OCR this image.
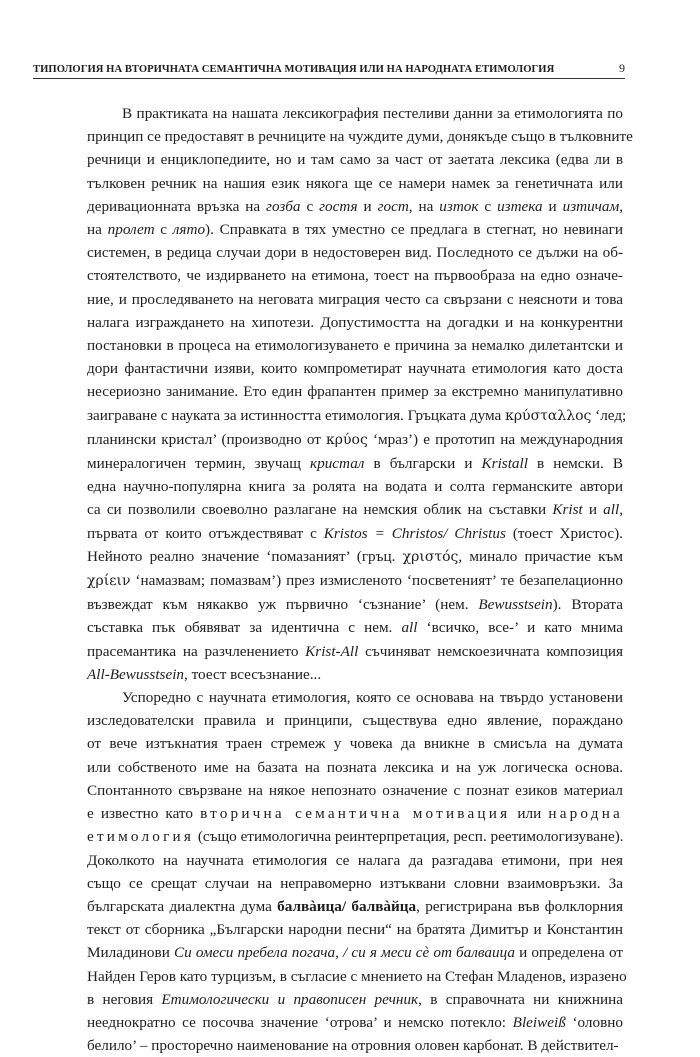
ТИПОЛОГИЯ НА ВТОРИЧНАТА СЕМАНТИЧНА МОТИВАЦИЯ ИЛИ НА НАРОДНАТА ЕТИМОЛОГИЯ	9
В практиката на нашата лексикография пестеливи данни за етимологията по
принцип се предоставят в речниците на чуждите думи, донякъде също в тълковните
речници и енциклопедиите, но и там само за част от заетата лексика (едва ли в
тълковен речник на нашия език някога ще се намери намек за генетичната или
деривационната връзка на гозба с гостя и гост, на изток с изтека и изтичам,
на пролет с лято). Справката в тях уместно се предлага в стегнат, но невинаги
системен, в редица случаи дори в недостоверен вид. Последното се дължи на об-
стоятелството, че издирването на етимона, тоест на първообраза на едно означе-
ние, и проследяването на неговата миграция често са свързани с неясноти и това
налага изграждането на хипотези. Допустимостта на догадки и на конкурентни
постановки в процеса на етимологизуването е причина за немалко дилетантски и
дори фантастични изяви, които компрометират научната етимология като доста
несериозно занимание. Ето един фрапантен пример за екстремно манипулативно
заиграване с науката за истинността етимология. Гръцката дума κρύσταλλος ‘лед;
планински кристал’ (производно от κρύος ‘мраз’) е прототип на международния
минералогичен термин, звучащ кристал в български и Kristall в немски. В
една научно-популярна книга за ролята на водата и солта германските автори
са си позволили своеволно разлагане на немския облик на съставки Krist и all,
първата от които отъждествяват с Kristos = Christos/ Christus (тоест Христос).
Нейното реално значение ‘помазаният’ (гръц. χριστός, минало причастие към
χρίειν ‘намазвам; помазвам’) през измисленото ‘посветеният’ те безапелационно
възвеждат към някакво уж първично ‘съзнание’ (нем. Bewusstsein). Втората
съставка пък обявяват за идентична с нем. all ‘всичко, все-’ и като мнима
прасемантика на разчленението Krist-All съчиняват немскоезичната композиция
All-Bewusstsein, тоест всесъзнание...
Успоредно с научната етимология, която се основава на твърдо установени
изследователски правила и принципи, съществува едно явление, пораждано
от вече изтъкнатия траен стремеж у човека да вникне в смисъла на думата
или собственото име на базата на позната лексика и на уж логическа основа.
Спонтанното свързване на някое непознато означение с познат езиков материал
е известно като вторична семантична мотивация или народна
етимология (също етимологична реинтерпретация, респ. реетимологизуване).
Доколкото на научната етимология се налага да разгадава етимони, при нея
също се срещат случаи на неправомерно изтъквани словни взаимовръзки. За
българската диалектна дума балвàица/ балвàйца, регистрирана във фолклорния
текст от сборника „Български народни песни“ на братята Димитър и Константин
Миладинови Си омеси пребела погача, / си я меси сè от балваица и определена от
Найден Геров като турцизъм, в съгласие с мнението на Стефан Младенов, изразено
в неговия Етимологически и правописен речник, в справочната ни книжнина
нееднократно се посочва значение ‘отрова’ и немско потекло: Bleiweiß ‘оловно
белило’ – просторечно наименование на отровния оловен карбонат. В действител-
